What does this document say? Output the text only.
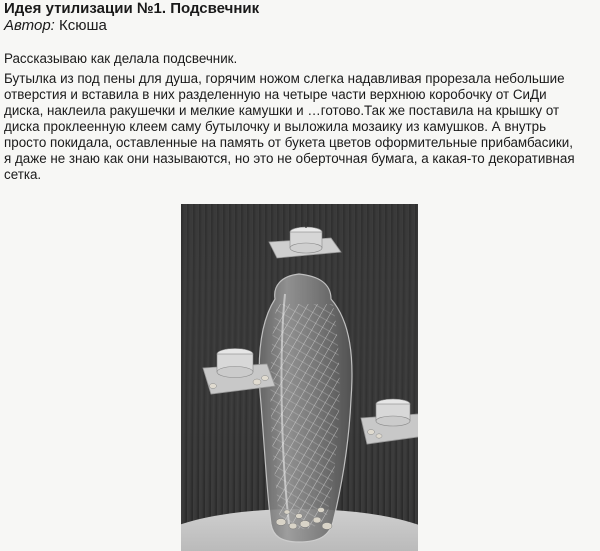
Идея утилизации №1. Подсвечник
Автор: Ксюша

Рассказываю как делала подсвечник.

Бутылка из под пены для душа, горячим ножом слегка надавливая прорезала небольшие

отверстия и вставила в них разделенную на четыре части верхнюю коробочку от СиДи

диска, наклеила ракушечки и мелкие камушки и …готово.Так же поставила на крышку от

диска проклеенную клеем саму бутылочку и выложила мозаику из камушков. А внутрь

просто покидала, оставленные на память от букета цветов оформительные прибамбасики,

я даже не знаю как они называются, но это не оберточная бумага, а какая-то декоративная

сетка.
